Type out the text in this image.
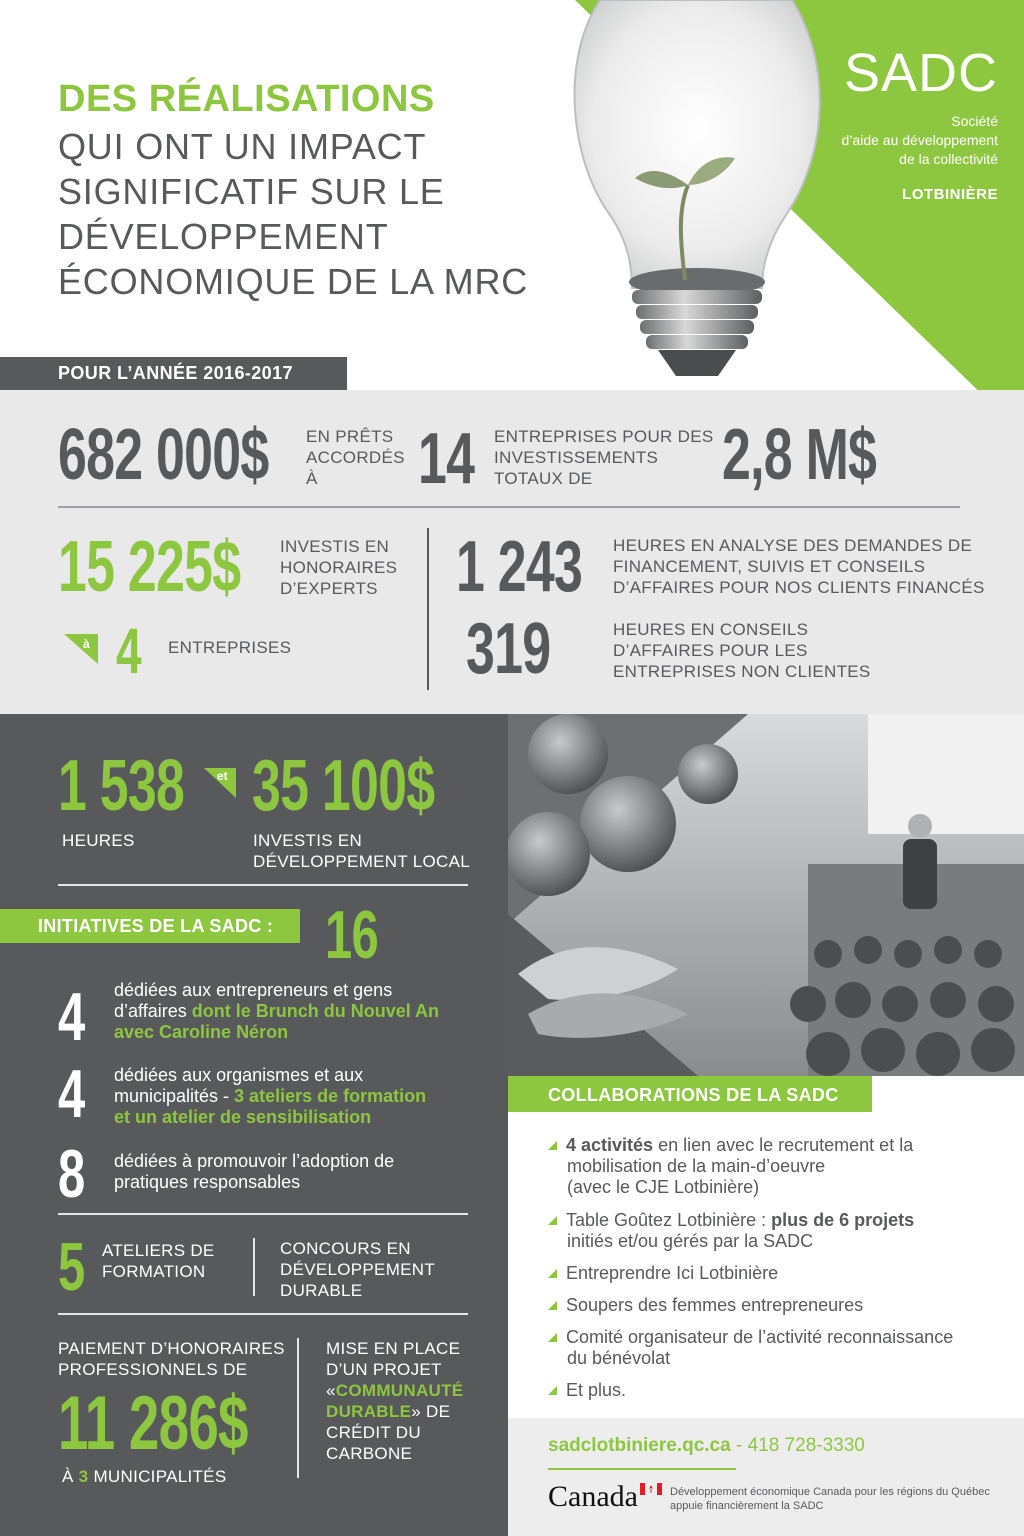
DES RÉALISATIONS
QUI ONT UN IMPACT
SIGNIFICATIF SUR LE
DÉVELOPPEMENT
ÉCONOMIQUE DE LA MRC
SADC
Société
d’aide au développement
de la collectivité
LOTBINIÈRE
POUR L’ANNÉE 2016-2017
682 000$ EN PRÊTS
ACCORDÉS
À	14 ENTREPRISES POUR DES
INVESTISSEMENTS
TOTAUX DE	2,8 M$
15 225$ INVESTIS EN
HONORAIRES
D’EXPERTS
à 4 ENTREPRISES
1 243 HEURES EN ANALYSE DES DEMANDES DE
FINANCEMENT, SUIVIS ET CONSEILS
D’AFFAIRES POUR NOS CLIENTS FINANCÉS
319	HEURES EN CONSEILS
D’AFFAIRES POUR LES
ENTREPRISES NON CLIENTES
1 538	et 35 100$
HEURES	INVESTIS EN
DÉVELOPPEMENT LOCAL
INITIATIVES DE LA SADC : 16
4 dédiées aux entrepreneurs et gens
d’affaires dont le Brunch du Nouvel An
avec Caroline Néron
4 dédiées aux organismes et aux
municipalités - 3 ateliers de formation
et un atelier de sensibilisation
8 dédiées à promouvoir l’adoption de
pratiques responsables
5 ATELIERS DE
FORMATION
CONCOURS EN
DÉVELOPPEMENT
DURABLE
PAIEMENT D’HONORAIRES
PROFESSIONNELS DE
11 286$
À 3 MUNICIPALITÉS
MISE EN PLACE
D’UN PROJET
«COMMUNAUTÉ
DURABLE» DE
CRÉDIT DU
CARBONE
COLLABORATIONS DE LA SADC
4 activités en lien avec le recrutement et la
mobilisation de la main-d’oeuvre
(avec le CJE Lotbinière)
Table Goûtez Lotbinière : plus de 6 projets
initiés et/ou gérés par la SADC
Entreprendre Ici Lotbinière
Soupers des femmes entrepreneures
Comité organisateur de l’activité reconnaissance
du bénévolat
Et plus.
sadclotbiniere.qc.ca - 418 728-3330
Canada	Développement économique Canada pour les régions du Québec
appuie financièrement la SADC
